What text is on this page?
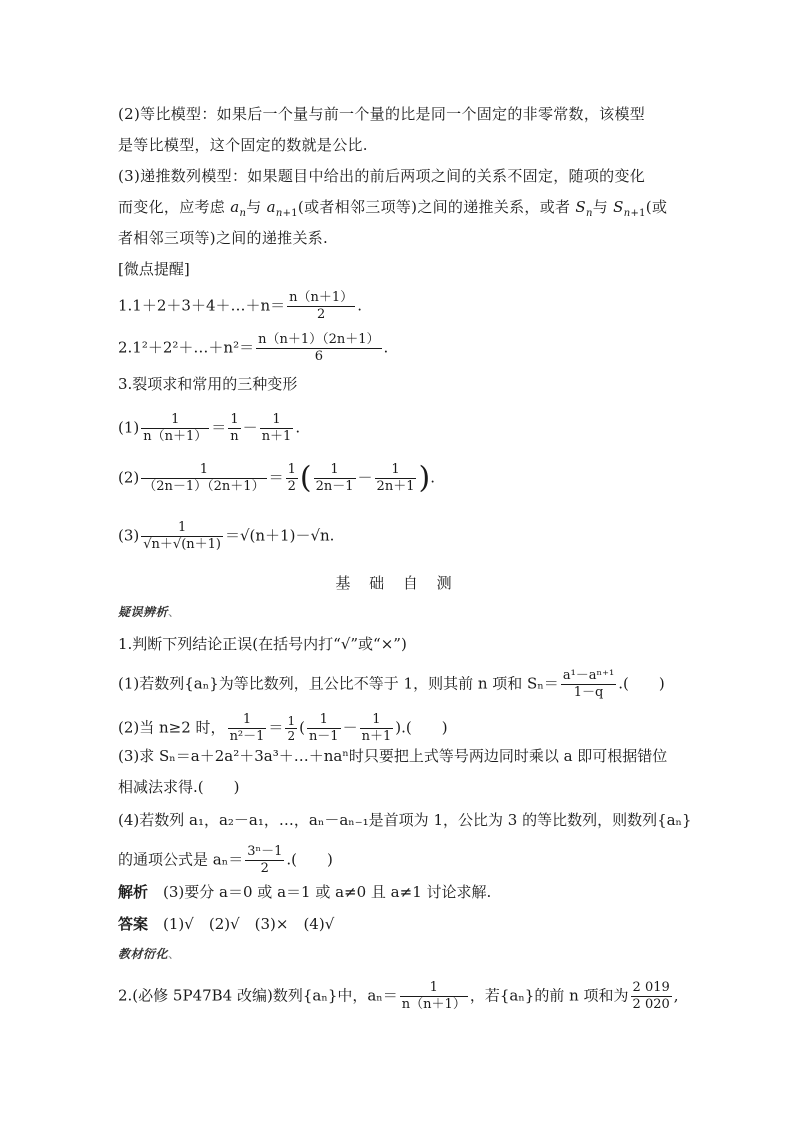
(2)等比模型：如果后一个量与前一个量的比是同一个固定的非零常数，该模型
是等比模型，这个固定的数就是公比.
(3)递推数列模型：如果题目中给出的前后两项之间的关系不固定，随项的变化
而变化，应考虑 $a_n$与 $a_{n+1}$(或者相邻三项等)之间的递推关系，或者 $S_n$与 $S_{n+1}$(或
者相邻三项等)之间的递推关系.
[微点提醒]
1.1＋2＋3＋4＋…＋n＝ $\frac{n(n+1)}{2}$ .
2.1²＋2²＋…＋n²＝ $\frac{n(n+1)(2n+1)}{6}$ .
3.裂项求和常用的三种变形
$(1) \frac{1}{n(n+1)} = \frac{1}{n} - \frac{1}{n+1}$ .
$(2) \frac{1}{(2n-1)(2n+1)} = \frac{1}{2}$ ( $\frac{1}{2n-1} - \frac{1}{2n+1}$ ).
$(3) \frac{1}{√n+√(n+1)} =√(n+1)-√n$.
基 础 自 测
疑误辨析、
1.判断下列结论正误(在括号内打“√”或“×”)
(1)若数列{aₙ}为等比数列，且公比不等于 1，则其前 n 项和 $S_n= \frac{\text{a¹－aⁿ⁺¹}}{1-q}$ .(　　)
(2)当 n≥2 时， $\frac{1}{\text{n²－1}} = \frac{1}{2}$ ( $\frac{1}{n-1} - \frac{1}{n+1}$ ).(　　)
(3)求 Sₙ＝a＋2a²＋3a³＋…＋naⁿ时只要把上式等号两边同时乘以 a 即可根据错位
相减法求得.(　　)
(4)若数列 a₁，a₂－a₁，…，aₙ－aₙ₋₁是首项为 1，公比为 3 的等比数列，则数列{aₙ}
的通项公式是 $a_n= \frac{\text{3ⁿ－1}}{2}$ .(　　)
解析　 (3)要分 a＝0 或 a＝1 或 a≠0 且 a≠1 讨论求解.
答案　 (1)√　(2)√　(3)×　(4)√
教材衍化、
2.(必修 5P47B4 改编)数列{aₙ}中，$a_n= \frac{1}{n(n+1)}$ ，若{aₙ}的前 n 项和为 $\frac{2 019}{2 020}$ ,
